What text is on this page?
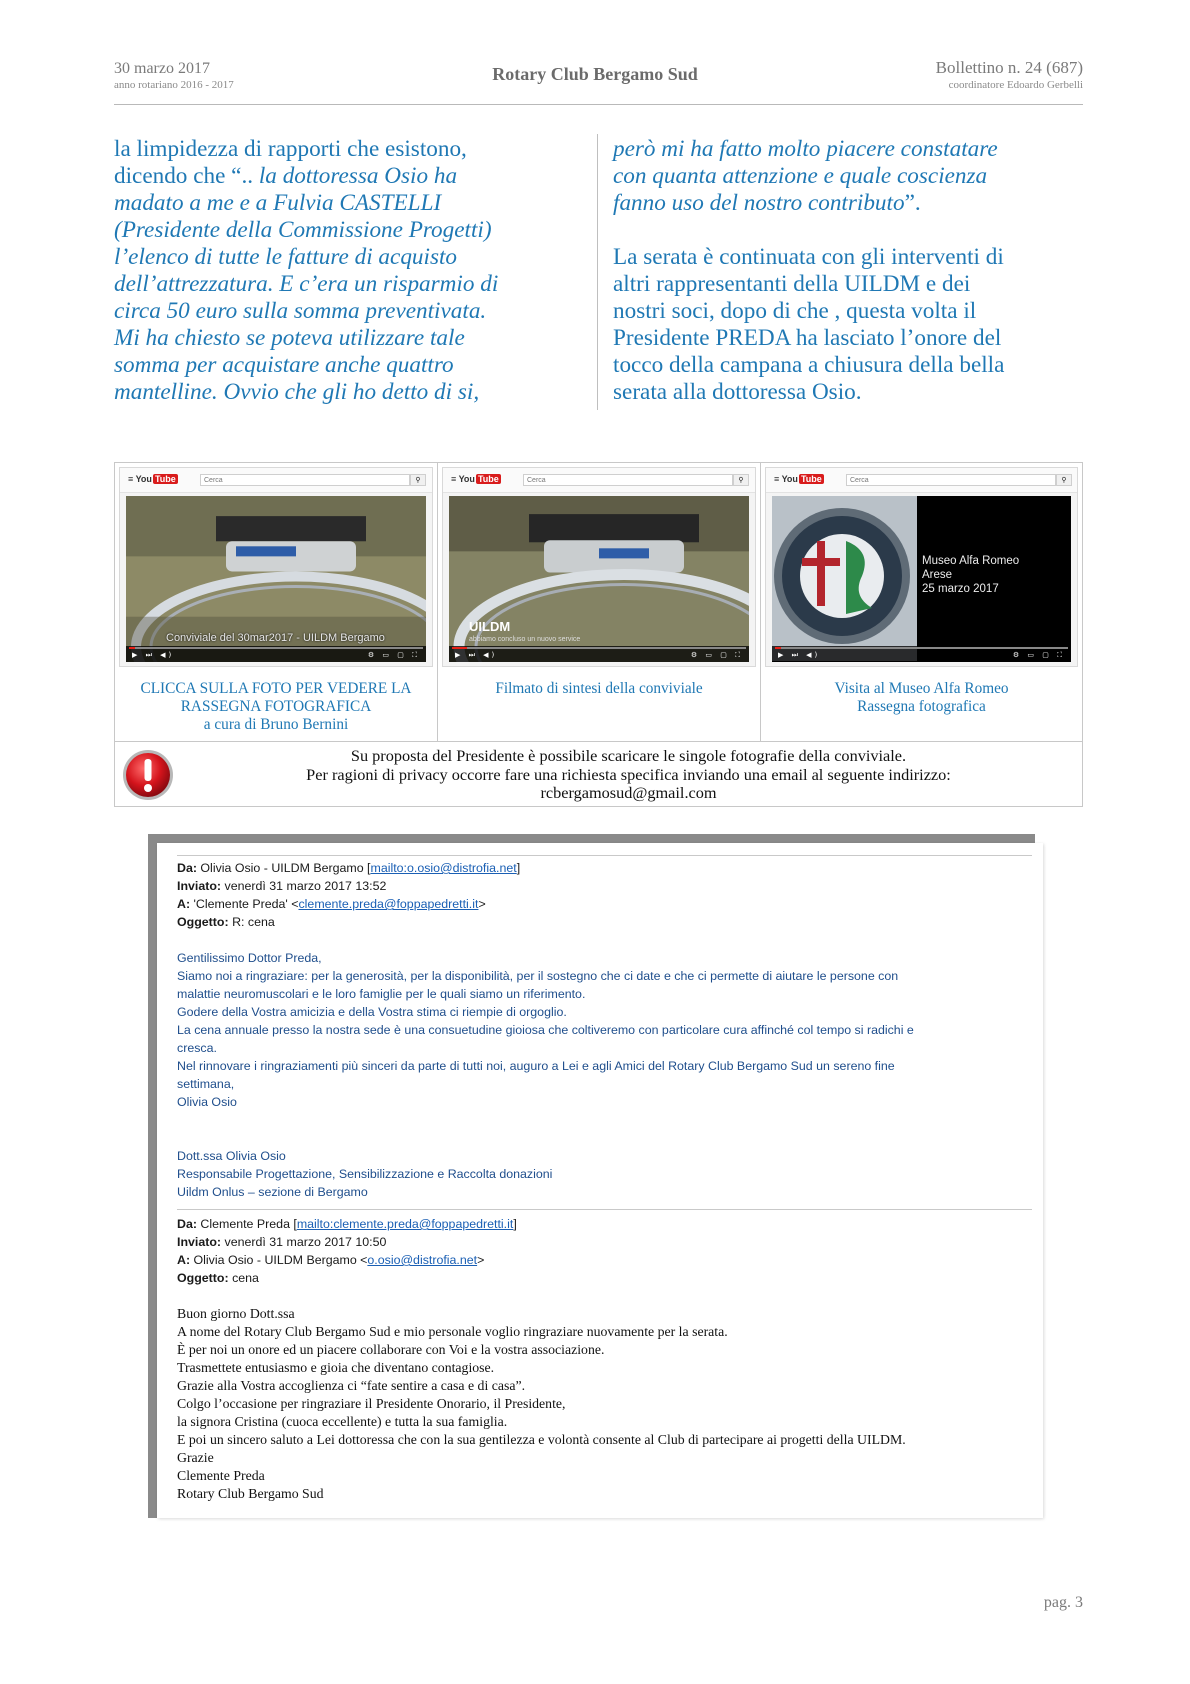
30 marzo 2017
anno rotariano 2016 - 2017
Rotary Club Bergamo Sud	Bollettino n. 24 (687)
coordinatore Edoardo Gerbelli

la limpidezza di rapporti che esistono,

dicendo che “.. la dottoressa Osio ha

madato a me e a Fulvia CASTELLI

(Presidente della Commissione Progetti)

l’elenco di tutte le fatture di acquisto

dell’attrezzatura. E c’era un risparmio di

circa 50 euro sulla somma preventivata.

Mi ha chiesto se poteva utilizzare tale

somma per acquistare anche quattro

mantelline. Ovvio che gli ho detto di si,

però mi ha fatto molto piacere constatare

con quanta attenzione e quale coscienza

fanno uso del nostro contributo”.

La serata è continuata con gli interventi di

altri rappresentanti della UILDM e dei

nostri soci, dopo di che , questa volta il

Presidente PREDA ha lasciato l’onore del

tocco della campana a chiusura della bella

serata alla dottoressa Osio.

≡ You Tube	Cerca	⚲
Conviviale del 30mar2017 - UILDM Bergamo
▶ ⏭ ◀)	⚙ ▭ ▢ ⛶
CLICCA SULLA FOTO PER VEDERE LA
RASSEGNA FOTOGRAFICA
a cura di Bruno Bernini
≡ You Tube	Cerca	⚲
UILDM
abbiamo concluso un nuovo service
▶ ⏭ ◀)	⚙ ▭ ▢ ⛶
Filmato di sintesi della conviviale
≡ You Tube	Cerca	⚲
Museo Alfa Romeo
Arese
25 marzo 2017
▶ ⏭ ◀)	⚙ ▭ ▢ ⛶
Visita al Museo Alfa Romeo
Rassegna fotografica
Su proposta del Presidente è possibile scaricare le singole fotografie della conviviale.
Per ragioni di privacy occorre fare una richiesta specifica inviando una email al seguente indirizzo:
rcbergamosud@gmail.com
Da: Olivia Osio - UILDM Bergamo [mailto:o.osio@distrofia.net]
Inviato: venerdì 31 marzo 2017 13:52
A: 'Clemente Preda' <clemente.preda@foppapedretti.it>
Oggetto: R: cena
Gentilissimo Dottor Preda,
Siamo noi a ringraziare: per la generosità, per la disponibilità, per il sostegno che ci date e che ci permette di aiutare le persone con
malattie neuromuscolari e le loro famiglie per le quali siamo un riferimento.
Godere della Vostra amicizia e della Vostra stima ci riempie di orgoglio.
La cena annuale presso la nostra sede è una consuetudine gioiosa che coltiveremo con particolare cura affinché col tempo si radichi e
cresca.
Nel rinnovare i ringraziamenti più sinceri da parte di tutti noi, auguro a Lei e agli Amici del Rotary Club Bergamo Sud un sereno fine
settimana,
Olivia Osio
Dott.ssa Olivia Osio
Responsabile Progettazione, Sensibilizzazione e Raccolta donazioni
Uildm Onlus – sezione di Bergamo
Da: Clemente Preda [mailto:clemente.preda@foppapedretti.it]
Inviato: venerdì 31 marzo 2017 10:50
A: Olivia Osio - UILDM Bergamo <o.osio@distrofia.net>
Oggetto: cena
Buon giorno Dott.ssa
A nome del Rotary Club Bergamo Sud e mio personale voglio ringraziare nuovamente per la serata.
È per noi un onore ed un piacere collaborare con Voi e la vostra associazione.
Trasmettete entusiasmo e gioia che diventano contagiose.
Grazie alla Vostra accoglienza ci “fate sentire a casa e di casa”.
Colgo l’occasione per ringraziare il Presidente Onorario, il Presidente,
la signora Cristina (cuoca eccellente) e tutta la sua famiglia.
E poi un sincero saluto a Lei dottoressa che con la sua gentilezza e volontà consente al Club di partecipare ai progetti della UILDM.
Grazie
Clemente Preda
Rotary Club Bergamo Sud
pag. 3
